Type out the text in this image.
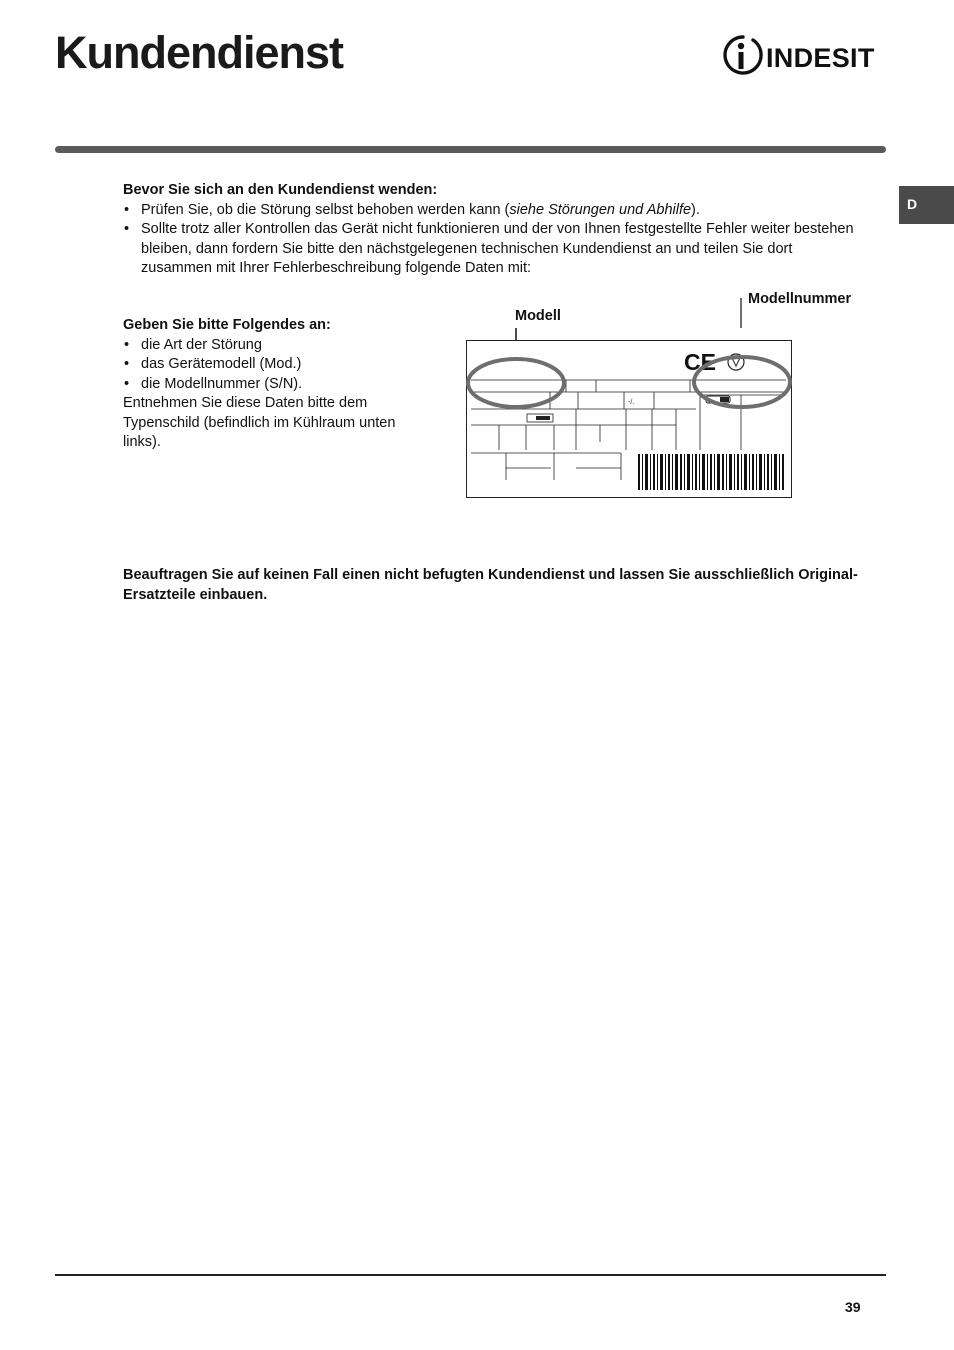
Kundendienst	INDESIT
D
Bevor Sie sich an den Kundendienst wenden:
• Prüfen Sie, ob die Störung selbst behoben werden kann (siehe Störungen und Abhilfe).
• Sollte trotz aller Kontrollen das Gerät nicht funktionieren und der von Ihnen festgestellte Fehler weiter bestehen bleiben, dann fordern Sie bitte den nächstgelegenen technischen Kundendienst an und teilen Sie dort zusammen mit Ihrer Fehlerbeschreibung folgende Daten mit:
Geben Sie bitte Folgendes an:
• die Art der Störung
• das Gerätemodell (Mod.)
• die Modellnummer (S/N).
Entnehmen Sie diese Daten bitte dem Typenschild (befindlich im Kühlraum unten links).
Modell
Modellnummer
-/.
CE
Beauftragen Sie auf keinen Fall einen nicht befugten Kundendienst und lassen Sie ausschließlich Original-Ersatzteile einbauen.
39
